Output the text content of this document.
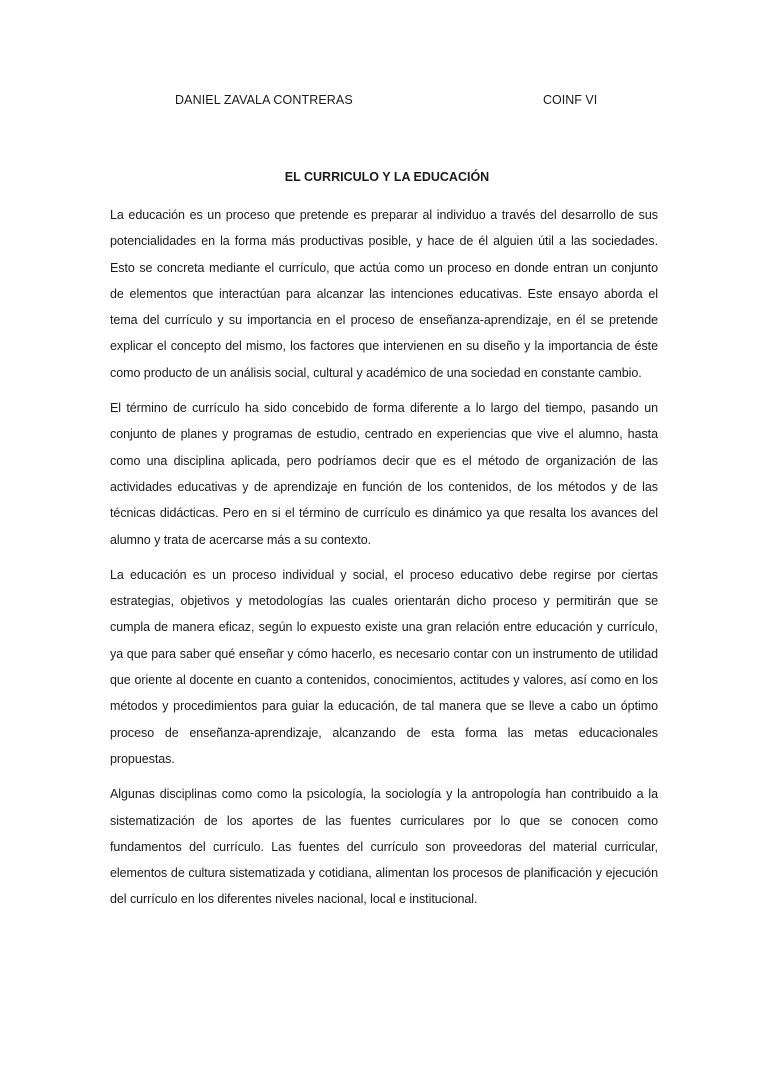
DANIEL ZAVALA CONTRERAS	COINF VI
EL CURRICULO Y LA EDUCACIÓN

La educación es un proceso que pretende es preparar al individuo a través del desarrollo de sus potencialidades en la forma más productivas posible, y hace de él alguien útil a las sociedades. Esto se concreta mediante el currículo, que actúa como un proceso en donde entran un conjunto de elementos que interactúan para alcanzar las intenciones educativas. Este ensayo aborda el tema del currículo y su importancia en el proceso de enseñanza-aprendizaje, en él se pretende explicar el concepto del mismo, los factores que intervienen en su diseño y la importancia de éste como producto de un análisis social, cultural y académico de una sociedad en constante cambio.

El término de currículo ha sido concebido de forma diferente a lo largo del tiempo, pasando un conjunto de planes y programas de estudio, centrado en experiencias que vive el alumno, hasta como una disciplina aplicada, pero podríamos decir que es el método de organización de las actividades educativas y de aprendizaje en función de los contenidos, de los métodos y de las técnicas didácticas. Pero en si el término de currículo es dinámico ya que resalta los avances del alumno y trata de acercarse más a su contexto.

La educación es un proceso individual y social, el proceso educativo debe regirse por ciertas estrategias, objetivos y metodologías las cuales orientarán dicho proceso y permitirán que se cumpla de manera eficaz, según lo expuesto existe una gran relación entre educación y currículo, ya que para saber qué enseñar y cómo hacerlo, es necesario contar con un instrumento de utilidad que oriente al docente en cuanto a contenidos, conocimientos, actitudes y valores, así como en los métodos y procedimientos para guiar la educación, de tal manera que se lleve a cabo un óptimo proceso de enseñanza-aprendizaje, alcanzando de esta forma las metas educacionales propuestas.

Algunas disciplinas como como la psicología, la sociología y la antropología han contribuido a la sistematización de los aportes de las fuentes curriculares por lo que se conocen como fundamentos del currículo. Las fuentes del currículo son proveedoras del material curricular, elementos de cultura sistematizada y cotidiana, alimentan los procesos de planificación y ejecución del currículo en los diferentes niveles nacional, local e institucional.
